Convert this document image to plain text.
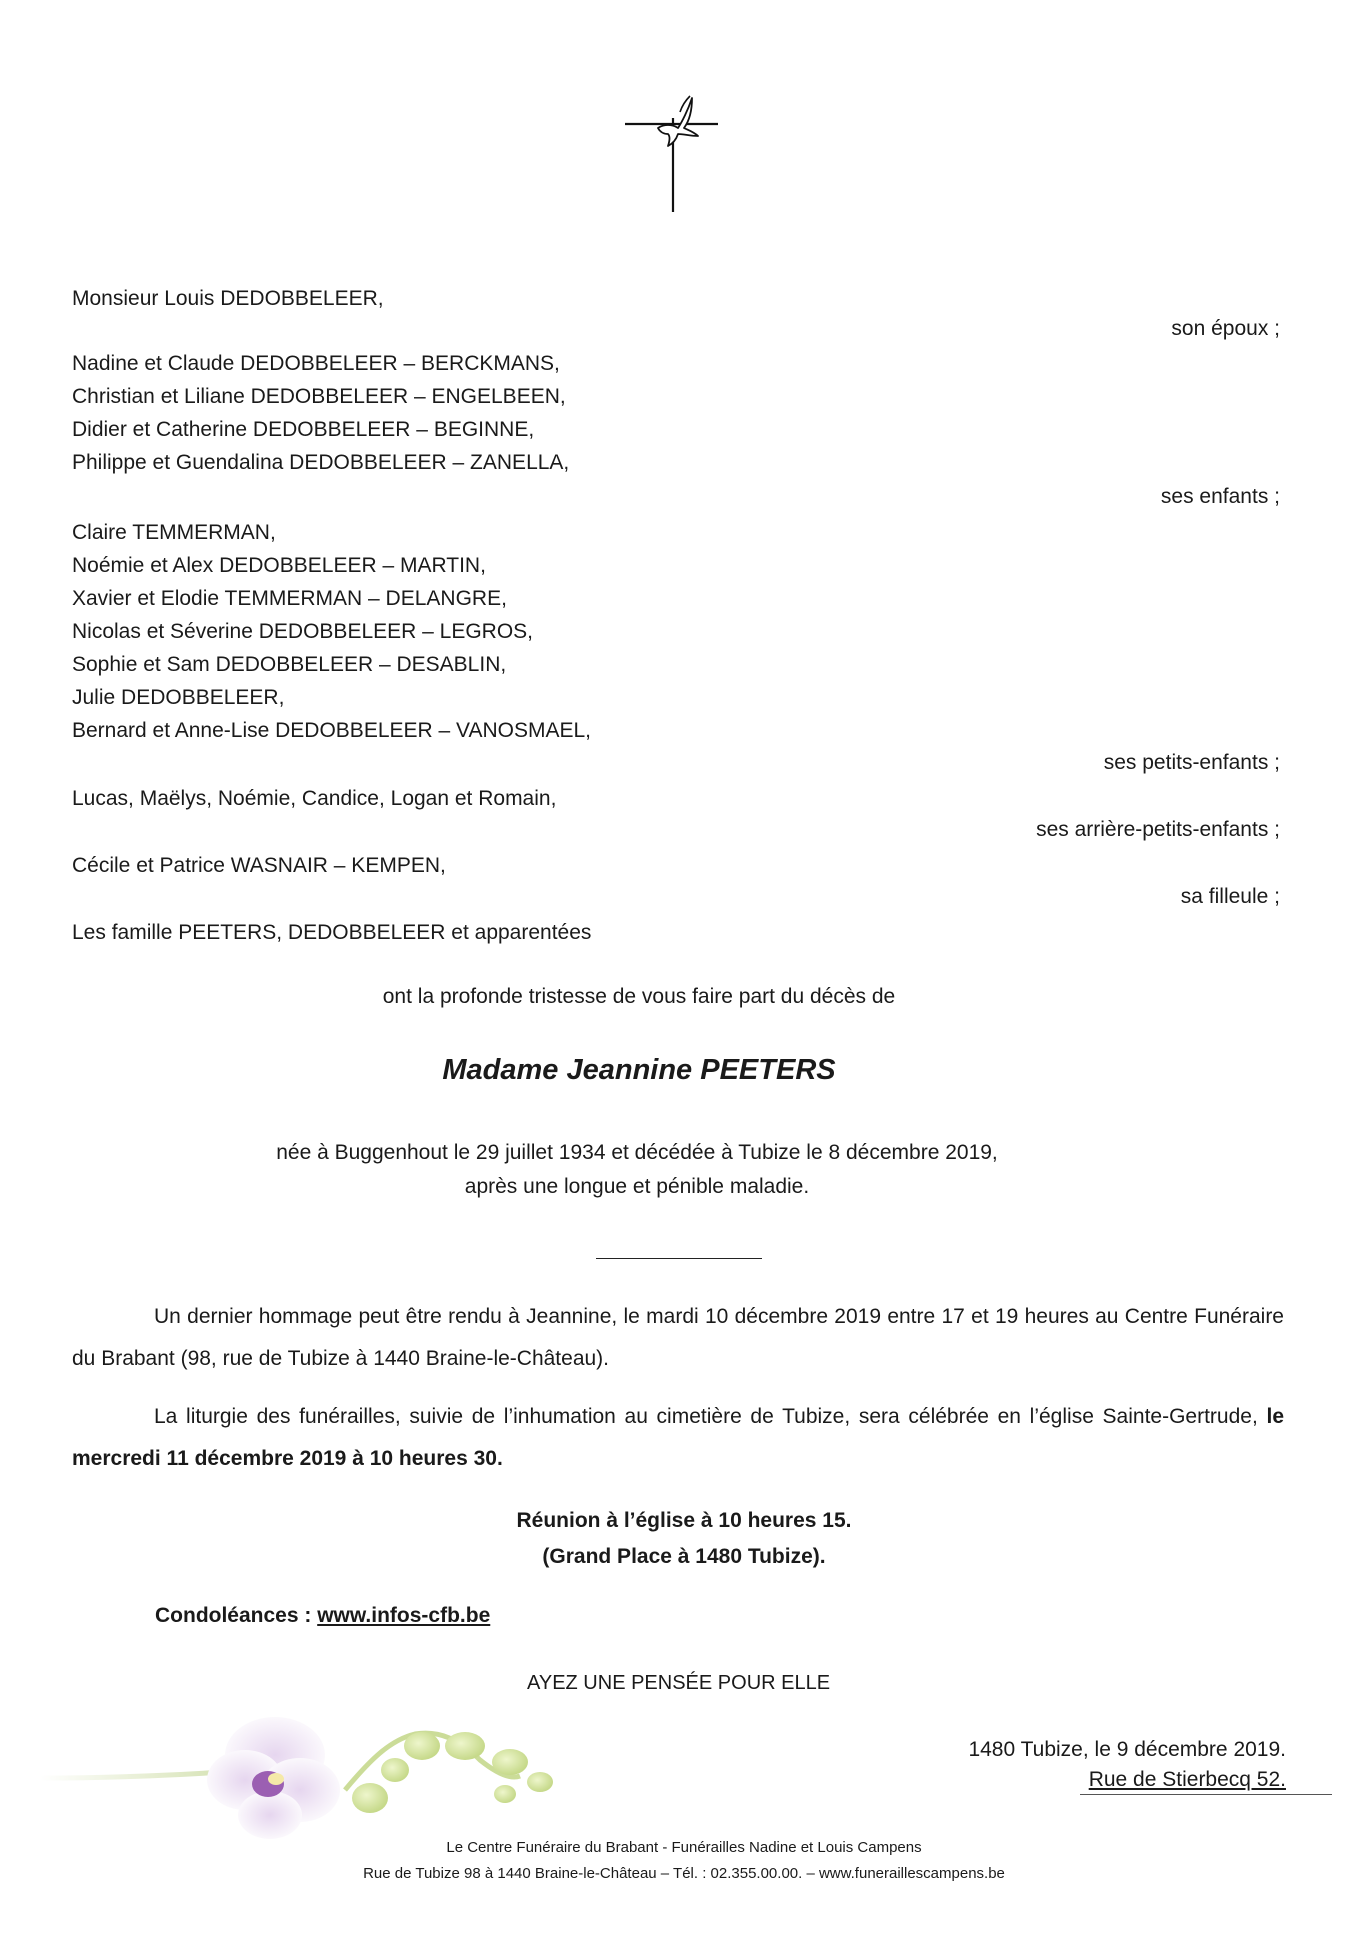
Monsieur Louis DEDOBBELEER,
son époux ;
Nadine et Claude DEDOBBELEER – BERCKMANS,
Christian et Liliane DEDOBBELEER – ENGELBEEN,
Didier et Catherine DEDOBBELEER – BEGINNE,
Philippe et Guendalina DEDOBBELEER – ZANELLA,
ses enfants ;
Claire TEMMERMAN,
Noémie et Alex DEDOBBELEER – MARTIN,
Xavier et Elodie TEMMERMAN – DELANGRE,
Nicolas et Séverine DEDOBBELEER – LEGROS,
Sophie et Sam DEDOBBELEER – DESABLIN,
Julie DEDOBBELEER,
Bernard et Anne-Lise DEDOBBELEER – VANOSMAEL,
ses petits-enfants ;
Lucas, Maëlys, Noémie, Candice, Logan et Romain,
ses arrière-petits-enfants ;
Cécile et Patrice WASNAIR – KEMPEN,
sa filleule ;
Les famille PEETERS, DEDOBBELEER et apparentées
ont la profonde tristesse de vous faire part du décès de
Madame Jeannine PEETERS
née à Buggenhout le 29 juillet 1934 et décédée à Tubize le 8 décembre 2019,
après une longue et pénible maladie.
Un dernier hommage peut être rendu à Jeannine, le mardi 10 décembre 2019 entre 17 et 19 heures au Centre Funéraire du Brabant (98, rue de Tubize à 1440 Braine-le-Château).
La liturgie des funérailles, suivie de l’inhumation au cimetière de Tubize, sera célébrée en l’église Sainte-Gertrude, le mercredi 11 décembre 2019 à 10 heures 30.
Réunion à l’église à 10 heures 15.
(Grand Place à 1480 Tubize).
Condoléances : www.infos-cfb.be
AYEZ UNE PENSÉE POUR ELLE
1480 Tubize, le 9 décembre 2019.
Rue de Stierbecq 52.
Le Centre Funéraire du Brabant - Funérailles Nadine et Louis Campens
Rue de Tubize 98 à 1440 Braine-le-Château – Tél. : 02.355.00.00. – www.funeraillescampens.be
